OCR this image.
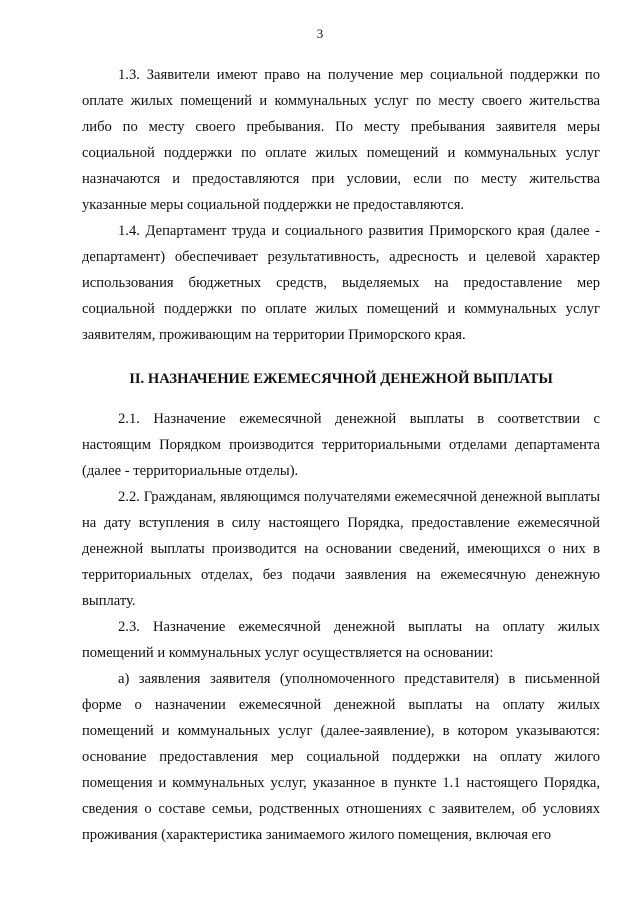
3

1.3. Заявители имеют право на получение мер социальной поддержки по оплате жилых помещений и коммунальных услуг по месту своего жительства либо по месту своего пребывания. По месту пребывания заявителя меры социальной поддержки по оплате жилых помещений и коммунальных услуг назначаются и предоставляются при условии, если по месту жительства указанные меры социальной поддержки не предоставляются.

1.4. Департамент труда и социального развития Приморского края (далее - департамент) обеспечивает результативность, адресность и целевой характер использования бюджетных средств, выделяемых на предоставление мер социальной поддержки по оплате жилых помещений и коммунальных услуг заявителям, проживающим на территории Приморского края.

II. НАЗНАЧЕНИЕ ЕЖЕМЕСЯЧНОЙ ДЕНЕЖНОЙ ВЫПЛАТЫ

2.1. Назначение ежемесячной денежной выплаты в соответствии с настоящим Порядком производится территориальными отделами департамента (далее - территориальные отделы).

2.2. Гражданам, являющимся получателями ежемесячной денежной выплаты на дату вступления в силу настоящего Порядка, предоставление ежемесячной денежной выплаты производится на основании сведений, имеющихся о них в территориальных отделах, без подачи заявления на ежемесячную денежную выплату.

2.3. Назначение ежемесячной денежной выплаты на оплату жилых помещений и коммунальных услуг осуществляется на основании:

а) заявления заявителя (уполномоченного представителя) в письменной форме о назначении ежемесячной денежной выплаты на оплату жилых помещений и коммунальных услуг (далее-заявление), в котором указываются: основание предоставления мер социальной поддержки на оплату жилого помещения и коммунальных услуг, указанное в пункте 1.1 настоящего Порядка, сведения о составе семьи, родственных отношениях с заявителем, об условиях проживания (характеристика занимаемого жилого помещения, включая его
